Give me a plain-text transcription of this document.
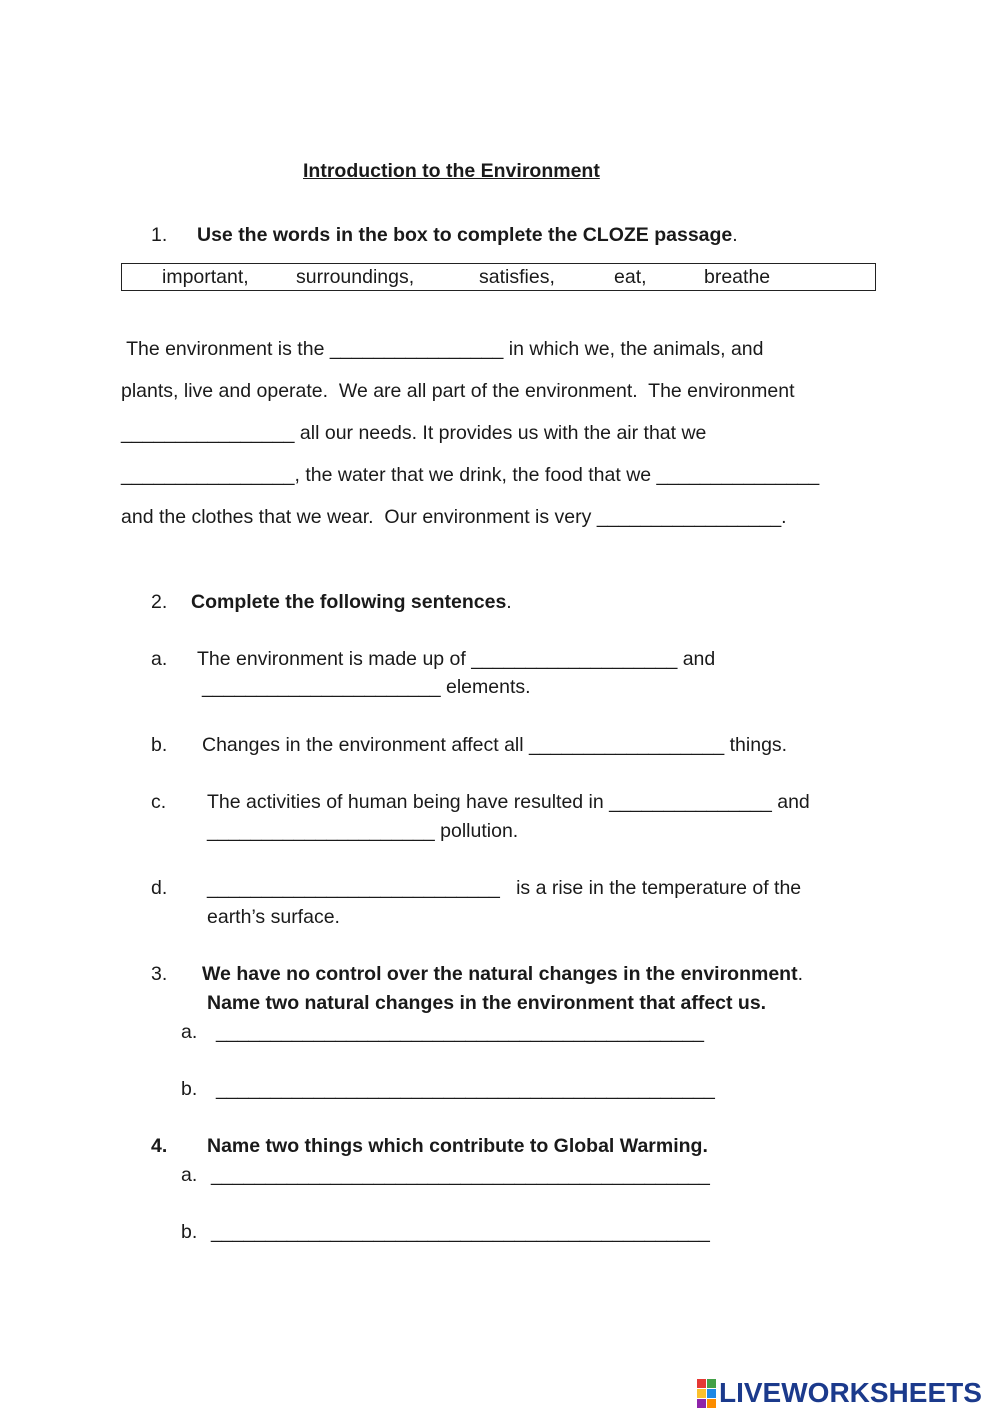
Introduction to the Environment
1. Use the words in the box to complete the CLOZE passage.
important, surroundings,	satisfies,	eat,	breathe
The environment is the ________________ in which we, the animals, and
plants, live and operate.  We are all part of the environment.  The environment
________________ all our needs. It provides us with the air that we
________________, the water that we drink, the food that we _______________
and the clothes that we wear.  Our environment is very _________________.
2. Complete the following sentences.
a. The environment is made up of ___________________ and
______________________ elements.
b. Changes in the environment affect all __________________ things.
c. The activities of human being have resulted in _______________ and
_____________________ pollution.
d. ___________________________   is a rise in the temperature of the
earth’s surface.
3. We have no control over the natural changes in the environment.
Name two natural changes in the environment that affect us.
a. _____________________________________________
b. ______________________________________________
4. Name two things which contribute to Global Warming.
a. ______________________________________________
b. ______________________________________________
LIVEWORKSHEETS
